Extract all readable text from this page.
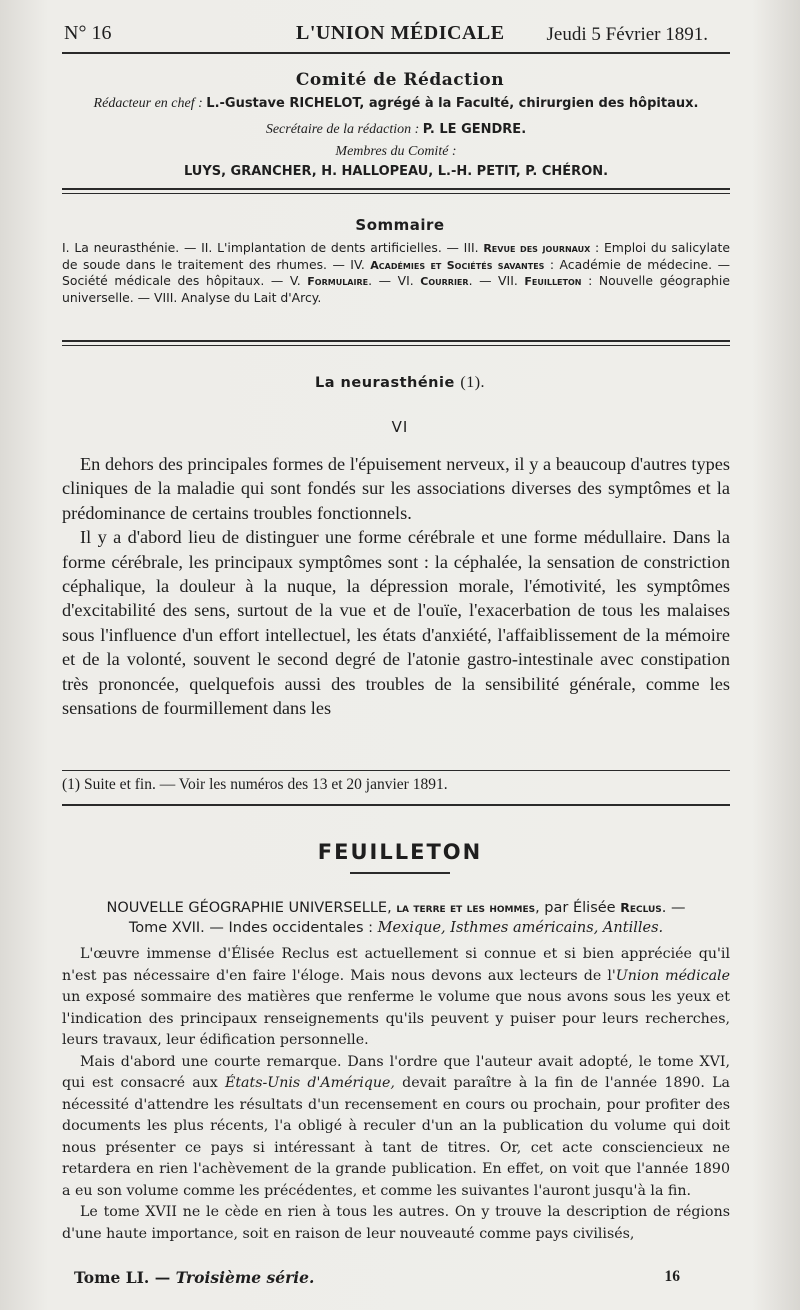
N° 16	L'UNION MÉDICALE Jeudi 5 Février 1891.
Comité de Rédaction
Rédacteur en chef : L.-Gustave RICHELOT, agrégé à la Faculté, chirurgien des hôpitaux.
Secrétaire de la rédaction : P. LE GENDRE.
Membres du Comité :
LUYS, GRANCHER, H. HALLOPEAU, L.-H. PETIT, P. CHÉRON.
Sommaire
I. La neurasthénie. — II. L'implantation de dents artificielles. — III. Revue des journaux : Emploi du salicylate de soude dans le traitement des rhumes. — IV. Académies et Sociétés savantes : Académie de médecine. — Société médicale des hôpitaux. — V. Formulaire. — VI. Courrier. — VII. Feuilleton : Nouvelle géographie universelle. — VIII. Analyse du Lait d'Arcy.
La neurasthénie (1).
VI

En dehors des principales formes de l'épuisement nerveux, il y a beaucoup d'autres types cliniques de la maladie qui sont fondés sur les associations diverses des symptômes et la prédominance de certains troubles fonctionnels.

Il y a d'abord lieu de distinguer une forme cérébrale et une forme médullaire. Dans la forme cérébrale, les principaux symptômes sont : la céphalée, la sensation de constriction céphalique, la douleur à la nuque, la dépression morale, l'émotivité, les symptômes d'excitabilité des sens, surtout de la vue et de l'ouïe, l'exacerbation de tous les malaises sous l'influence d'un effort intellectuel, les états d'anxiété, l'affaiblissement de la mémoire et de la volonté, souvent le second degré de l'atonie gastro-intestinale avec constipation très prononcée, quelquefois aussi des troubles de la sensibilité générale, comme les sensations de fourmillement dans les

(1) Suite et fin. — Voir les numéros des 13 et 20 janvier 1891.
FEUILLETON
NOUVELLE GÉOGRAPHIE UNIVERSELLE, la terre et les hommes, par Élisée Reclus. —
Tome XVII. — Indes occidentales : Mexique, Isthmes américains, Antilles.

L'œuvre immense d'Élisée Reclus est actuellement si connue et si bien appréciée qu'il n'est pas nécessaire d'en faire l'éloge. Mais nous devons aux lecteurs de l'Union médicale un exposé sommaire des matières que renferme le volume que nous avons sous les yeux et l'indication des principaux renseignements qu'ils peuvent y puiser pour leurs recherches, leurs travaux, leur édification personnelle.

Mais d'abord une courte remarque. Dans l'ordre que l'auteur avait adopté, le tome XVI, qui est consacré aux États-Unis d'Amérique, devait paraître à la fin de l'année 1890. La nécessité d'attendre les résultats d'un recensement en cours ou prochain, pour profiter des documents les plus récents, l'a obligé à reculer d'un an la publication du volume qui doit nous présenter ce pays si intéressant à tant de titres. Or, cet acte consciencieux ne retardera en rien l'achèvement de la grande publication. En effet, on voit que l'année 1890 a eu son volume comme les précédentes, et comme les suivantes l'auront jusqu'à la fin.

Le tome XVII ne le cède en rien à tous les autres. On y trouve la description de régions d'une haute importance, soit en raison de leur nouveauté comme pays civilisés,

Tome LI. — Troisième série.	16
